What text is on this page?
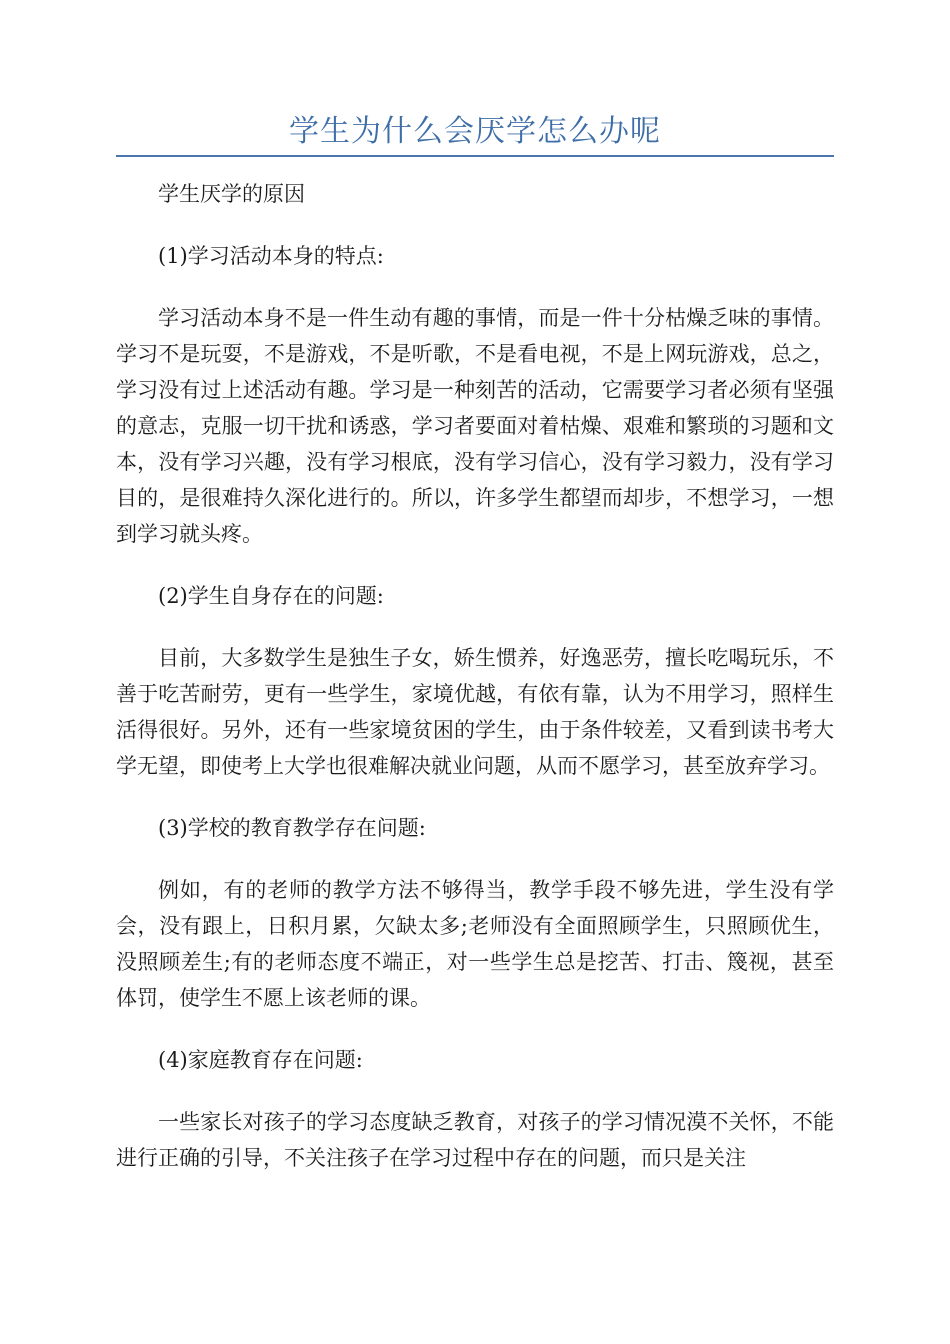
学生为什么会厌学怎么办呢

学生厌学的原因

(1)学习活动本身的特点:

学习活动本身不是一件生动有趣的事情，而是一件十分枯燥乏味的事情。学习不是玩耍，不是游戏，不是听歌，不是看电视，不是上网玩游戏，总之，学习没有过上述活动有趣。学习是一种刻苦的活动，它需要学习者必须有坚强的意志，克服一切干扰和诱惑，学习者要面对着枯燥、艰难和繁琐的习题和文本，没有学习兴趣，没有学习根底，没有学习信心，没有学习毅力，没有学习目的，是很难持久深化进行的。所以，许多学生都望而却步，不想学习，一想到学习就头疼。

(2)学生自身存在的问题:

目前，大多数学生是独生子女，娇生惯养，好逸恶劳，擅长吃喝玩乐，不善于吃苦耐劳，更有一些学生，家境优越，有依有靠，认为不用学习，照样生活得很好。另外，还有一些家境贫困的学生，由于条件较差，又看到读书考大学无望，即使考上大学也很难解决就业问题，从而不愿学习，甚至放弃学习。

(3)学校的教育教学存在问题:

例如，有的老师的教学方法不够得当，教学手段不够先进，学生没有学会，没有跟上，日积月累，欠缺太多;老师没有全面照顾学生，只照顾优生，没照顾差生;有的老师态度不端正，对一些学生总是挖苦、打击、篾视，甚至体罚，使学生不愿上该老师的课。

(4)家庭教育存在问题:

一些家长对孩子的学习态度缺乏教育，对孩子的学习情况漠不关怀，不能进行正确的引导，不关注孩子在学习过程中存在的问题，而只是关注
